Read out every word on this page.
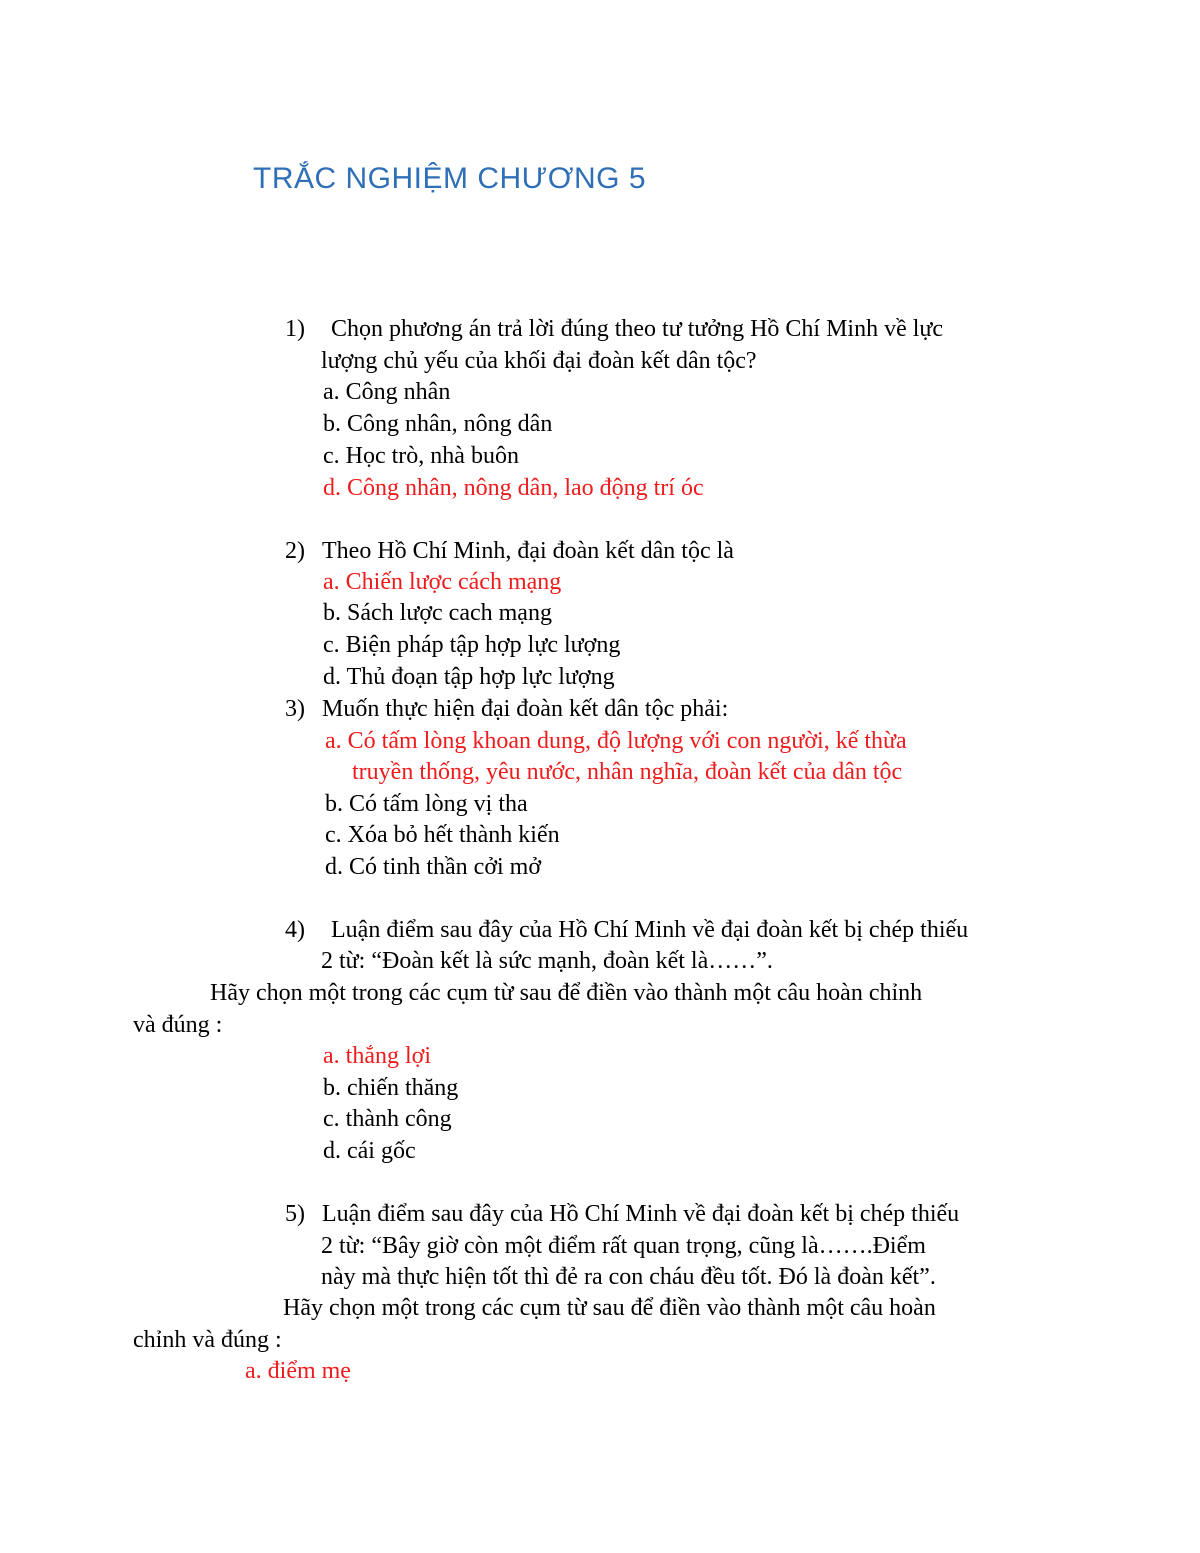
TRẮC NGHIỆM CHƯƠNG 5
1) Chọn phương án trả lời đúng theo tư tưởng Hồ Chí Minh về lực
lượng chủ yếu của khối đại đoàn kết dân tộc?
a. Công nhân
b. Công nhân, nông dân
c. Học trò, nhà buôn
d. Công nhân, nông dân, lao động trí óc
2) Theo Hồ Chí Minh, đại đoàn kết dân tộc là
a. Chiến lược cách mạng
b. Sách lược cach mạng
c. Biện pháp tập hợp lực lượng
d. Thủ đoạn tập hợp lực lượng
3) Muốn thực hiện đại đoàn kết dân tộc phải:
a. Có tấm lòng khoan dung, độ lượng với con người, kế thừa
truyền thống, yêu nước, nhân nghĩa, đoàn kết của dân tộc
b. Có tấm lòng vị tha
c. Xóa bỏ hết thành kiến
d. Có tinh thần cởi mở
4) Luận điểm sau đây của Hồ Chí Minh về đại đoàn kết bị chép thiếu
2 từ: “Đoàn kết là sức mạnh, đoàn kết là……”.
Hãy chọn một trong các cụm từ sau để điền vào thành một câu hoàn chỉnh
và đúng :
a. thắng lợi
b. chiến thăng
c. thành công
d. cái gốc
5) Luận điểm sau đây của Hồ Chí Minh về đại đoàn kết bị chép thiếu
2 từ: “Bây giờ còn một điểm rất quan trọng, cũng là…….Điểm
này mà thực hiện tốt thì đẻ ra con cháu đều tốt. Đó là đoàn kết”.
Hãy chọn một trong các cụm từ sau để điền vào thành một câu hoàn
chỉnh và đúng :
a. điểm mẹ
